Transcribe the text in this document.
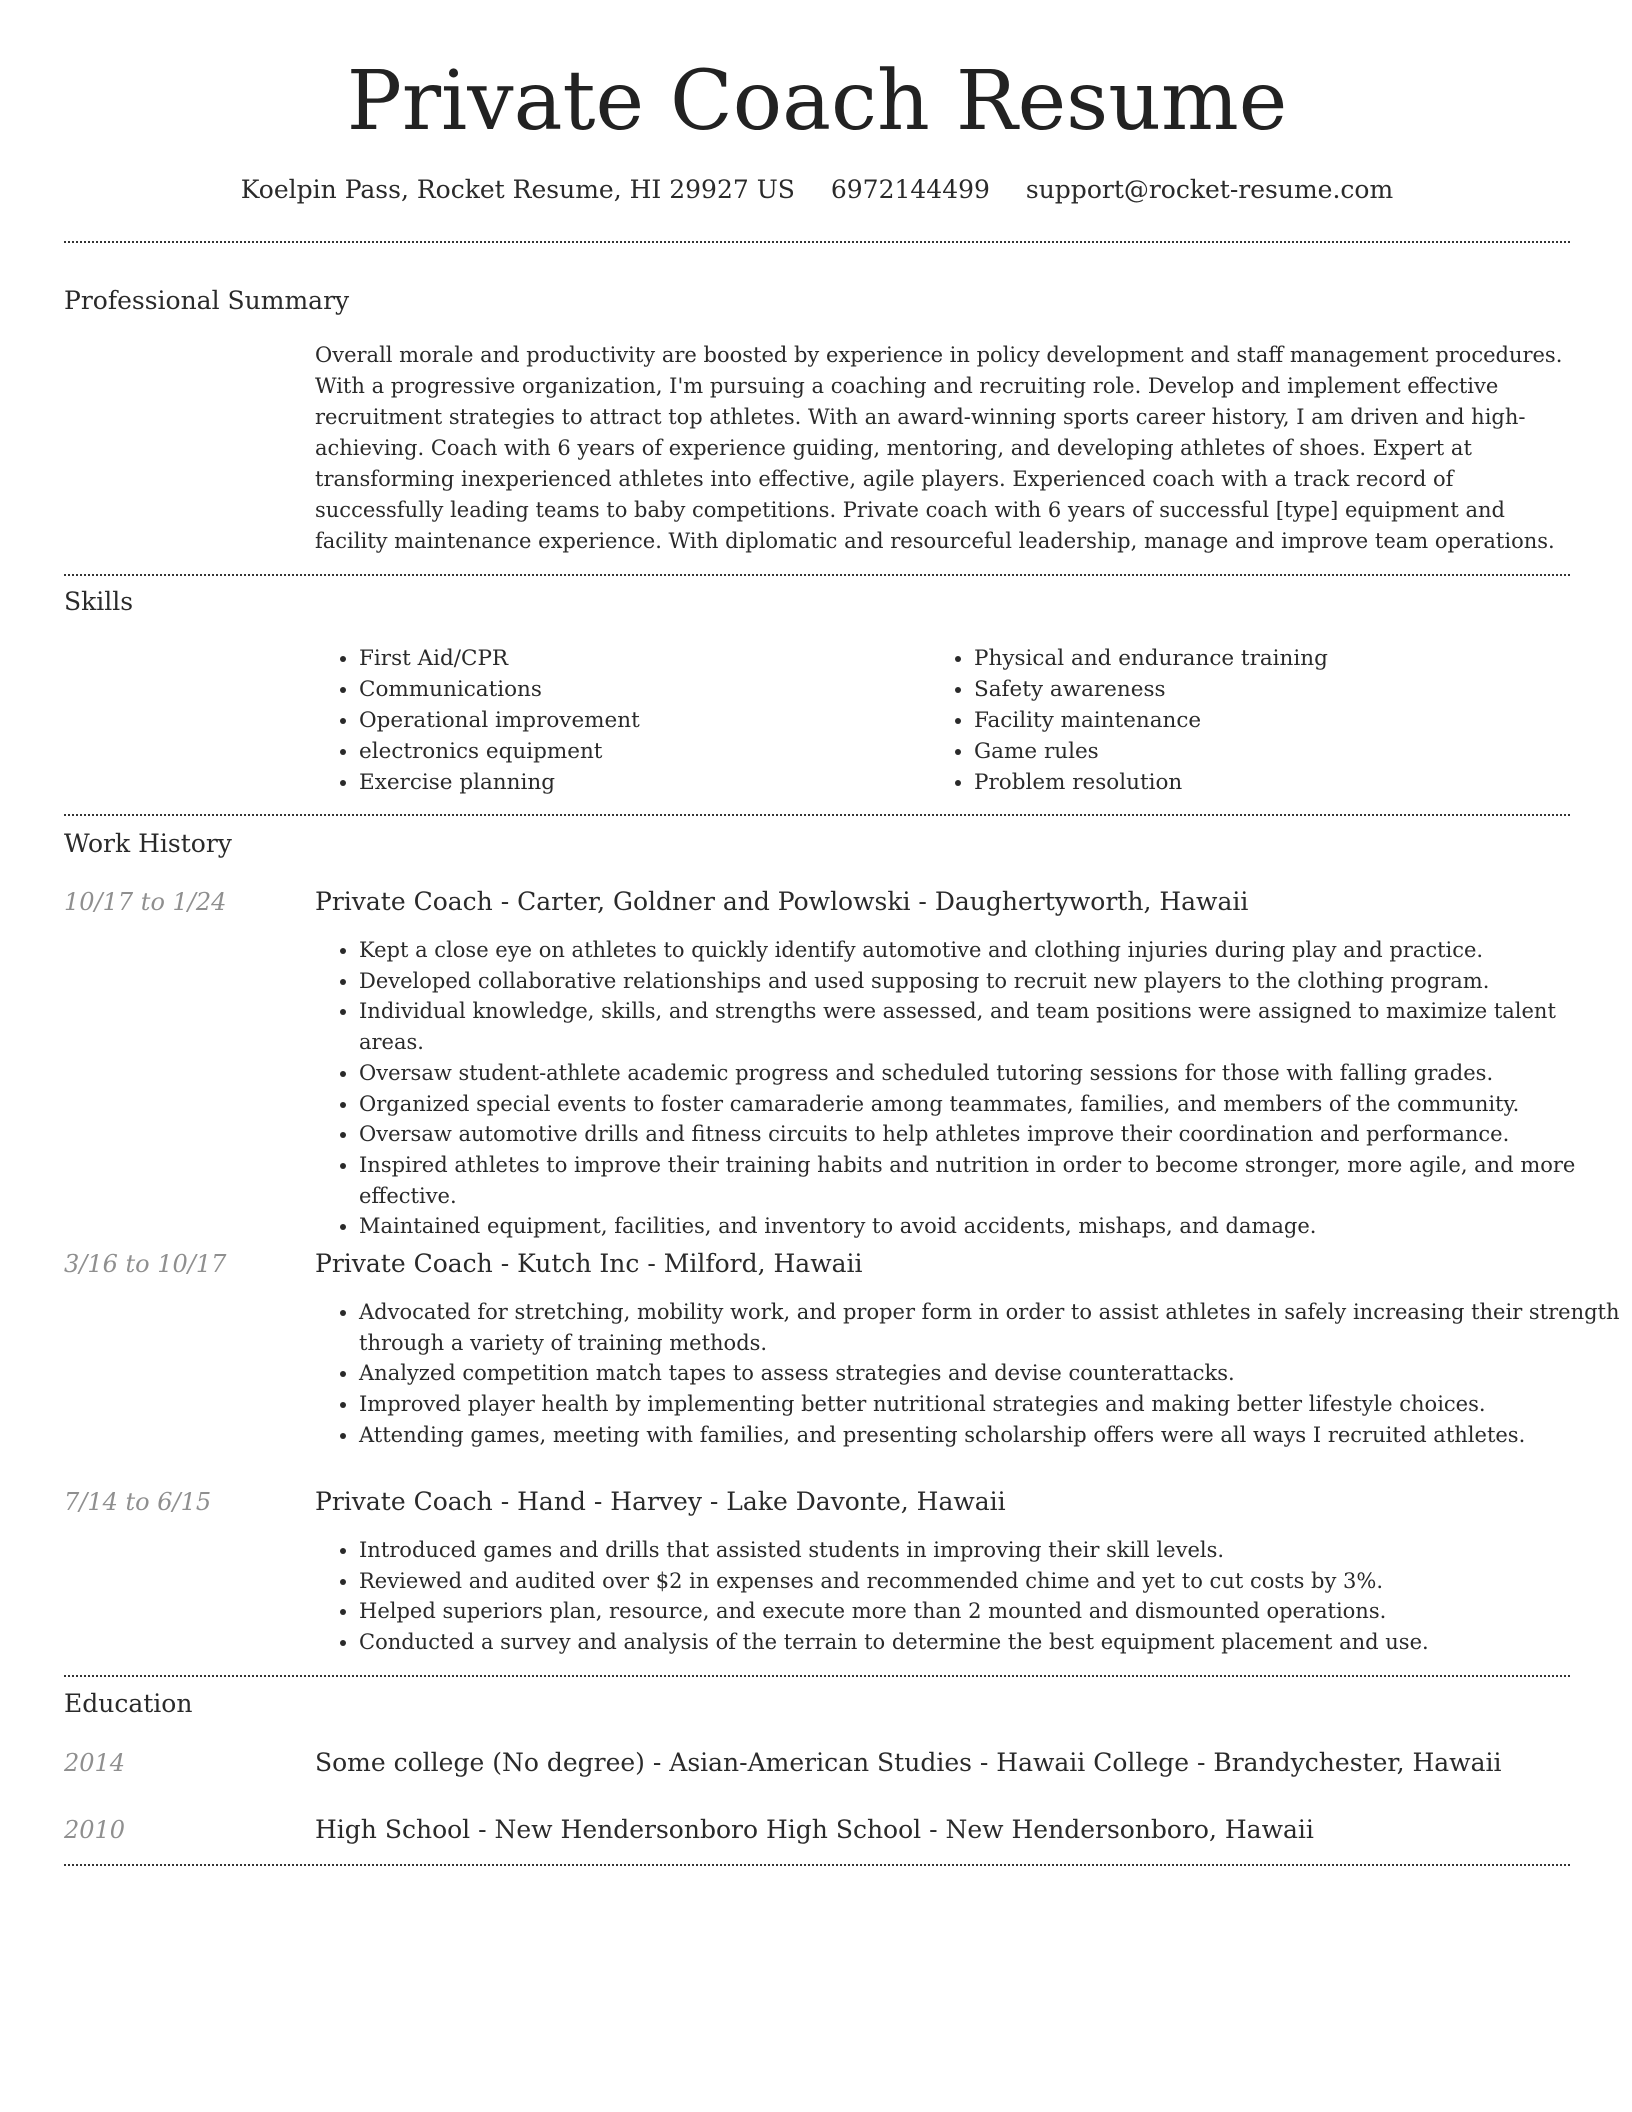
Private Coach Resume
Koelpin Pass, Rocket Resume, HI 29927 US 6972144499 support@rocket-resume.com
Professional Summary

Overall morale and productivity are boosted by experience in policy development and staff management procedures. With a progressive organization, I'm pursuing a coaching and recruiting role. Develop and implement effective recruitment strategies to attract top athletes. With an award-winning sports career history, I am driven and high-achieving. Coach with 6 years of experience guiding, mentoring, and developing athletes of shoes. Expert at transforming inexperienced athletes into effective, agile players. Experienced coach with a track record of successfully leading teams to baby competitions. Private coach with 6 years of successful [type] equipment and facility maintenance experience. With diplomatic and resourceful leadership, manage and improve team operations.

Skills
• First Aid/CPR
• Communications
• Operational improvement
• electronics equipment
• Exercise planning
• Physical and endurance training
• Safety awareness
• Facility maintenance
• Game rules
• Problem resolution
Work History
10/17 to 1/24	Private Coach - Carter, Goldner and Powlowski - Daughertyworth, Hawaii
• Kept a close eye on athletes to quickly identify automotive and clothing injuries during play and practice.
• Developed collaborative relationships and used supposing to recruit new players to the clothing program.
• Individual knowledge, skills, and strengths were assessed, and team positions were assigned to maximize talent areas.
• Oversaw student-athlete academic progress and scheduled tutoring sessions for those with falling grades.
• Organized special events to foster camaraderie among teammates, families, and members of the community.
• Oversaw automotive drills and fitness circuits to help athletes improve their coordination and performance.
• Inspired athletes to improve their training habits and nutrition in order to become stronger, more agile, and more effective.
• Maintained equipment, facilities, and inventory to avoid accidents, mishaps, and damage.
3/16 to 10/17	Private Coach - Kutch Inc - Milford, Hawaii
• Advocated for stretching, mobility work, and proper form in order to assist athletes in safely increasing their strength through a variety of training methods.
• Analyzed competition match tapes to assess strategies and devise counterattacks.
• Improved player health by implementing better nutritional strategies and making better lifestyle choices.
• Attending games, meeting with families, and presenting scholarship offers were all ways I recruited athletes.
7/14 to 6/15	Private Coach - Hand - Harvey - Lake Davonte, Hawaii
• Introduced games and drills that assisted students in improving their skill levels.
• Reviewed and audited over $2 in expenses and recommended chime and yet to cut costs by 3%.
• Helped superiors plan, resource, and execute more than 2 mounted and dismounted operations.
• Conducted a survey and analysis of the terrain to determine the best equipment placement and use.
Education
2014	Some college (No degree) - Asian-American Studies - Hawaii College - Brandychester, Hawaii
2010	High School - New Hendersonboro High School - New Hendersonboro, Hawaii
